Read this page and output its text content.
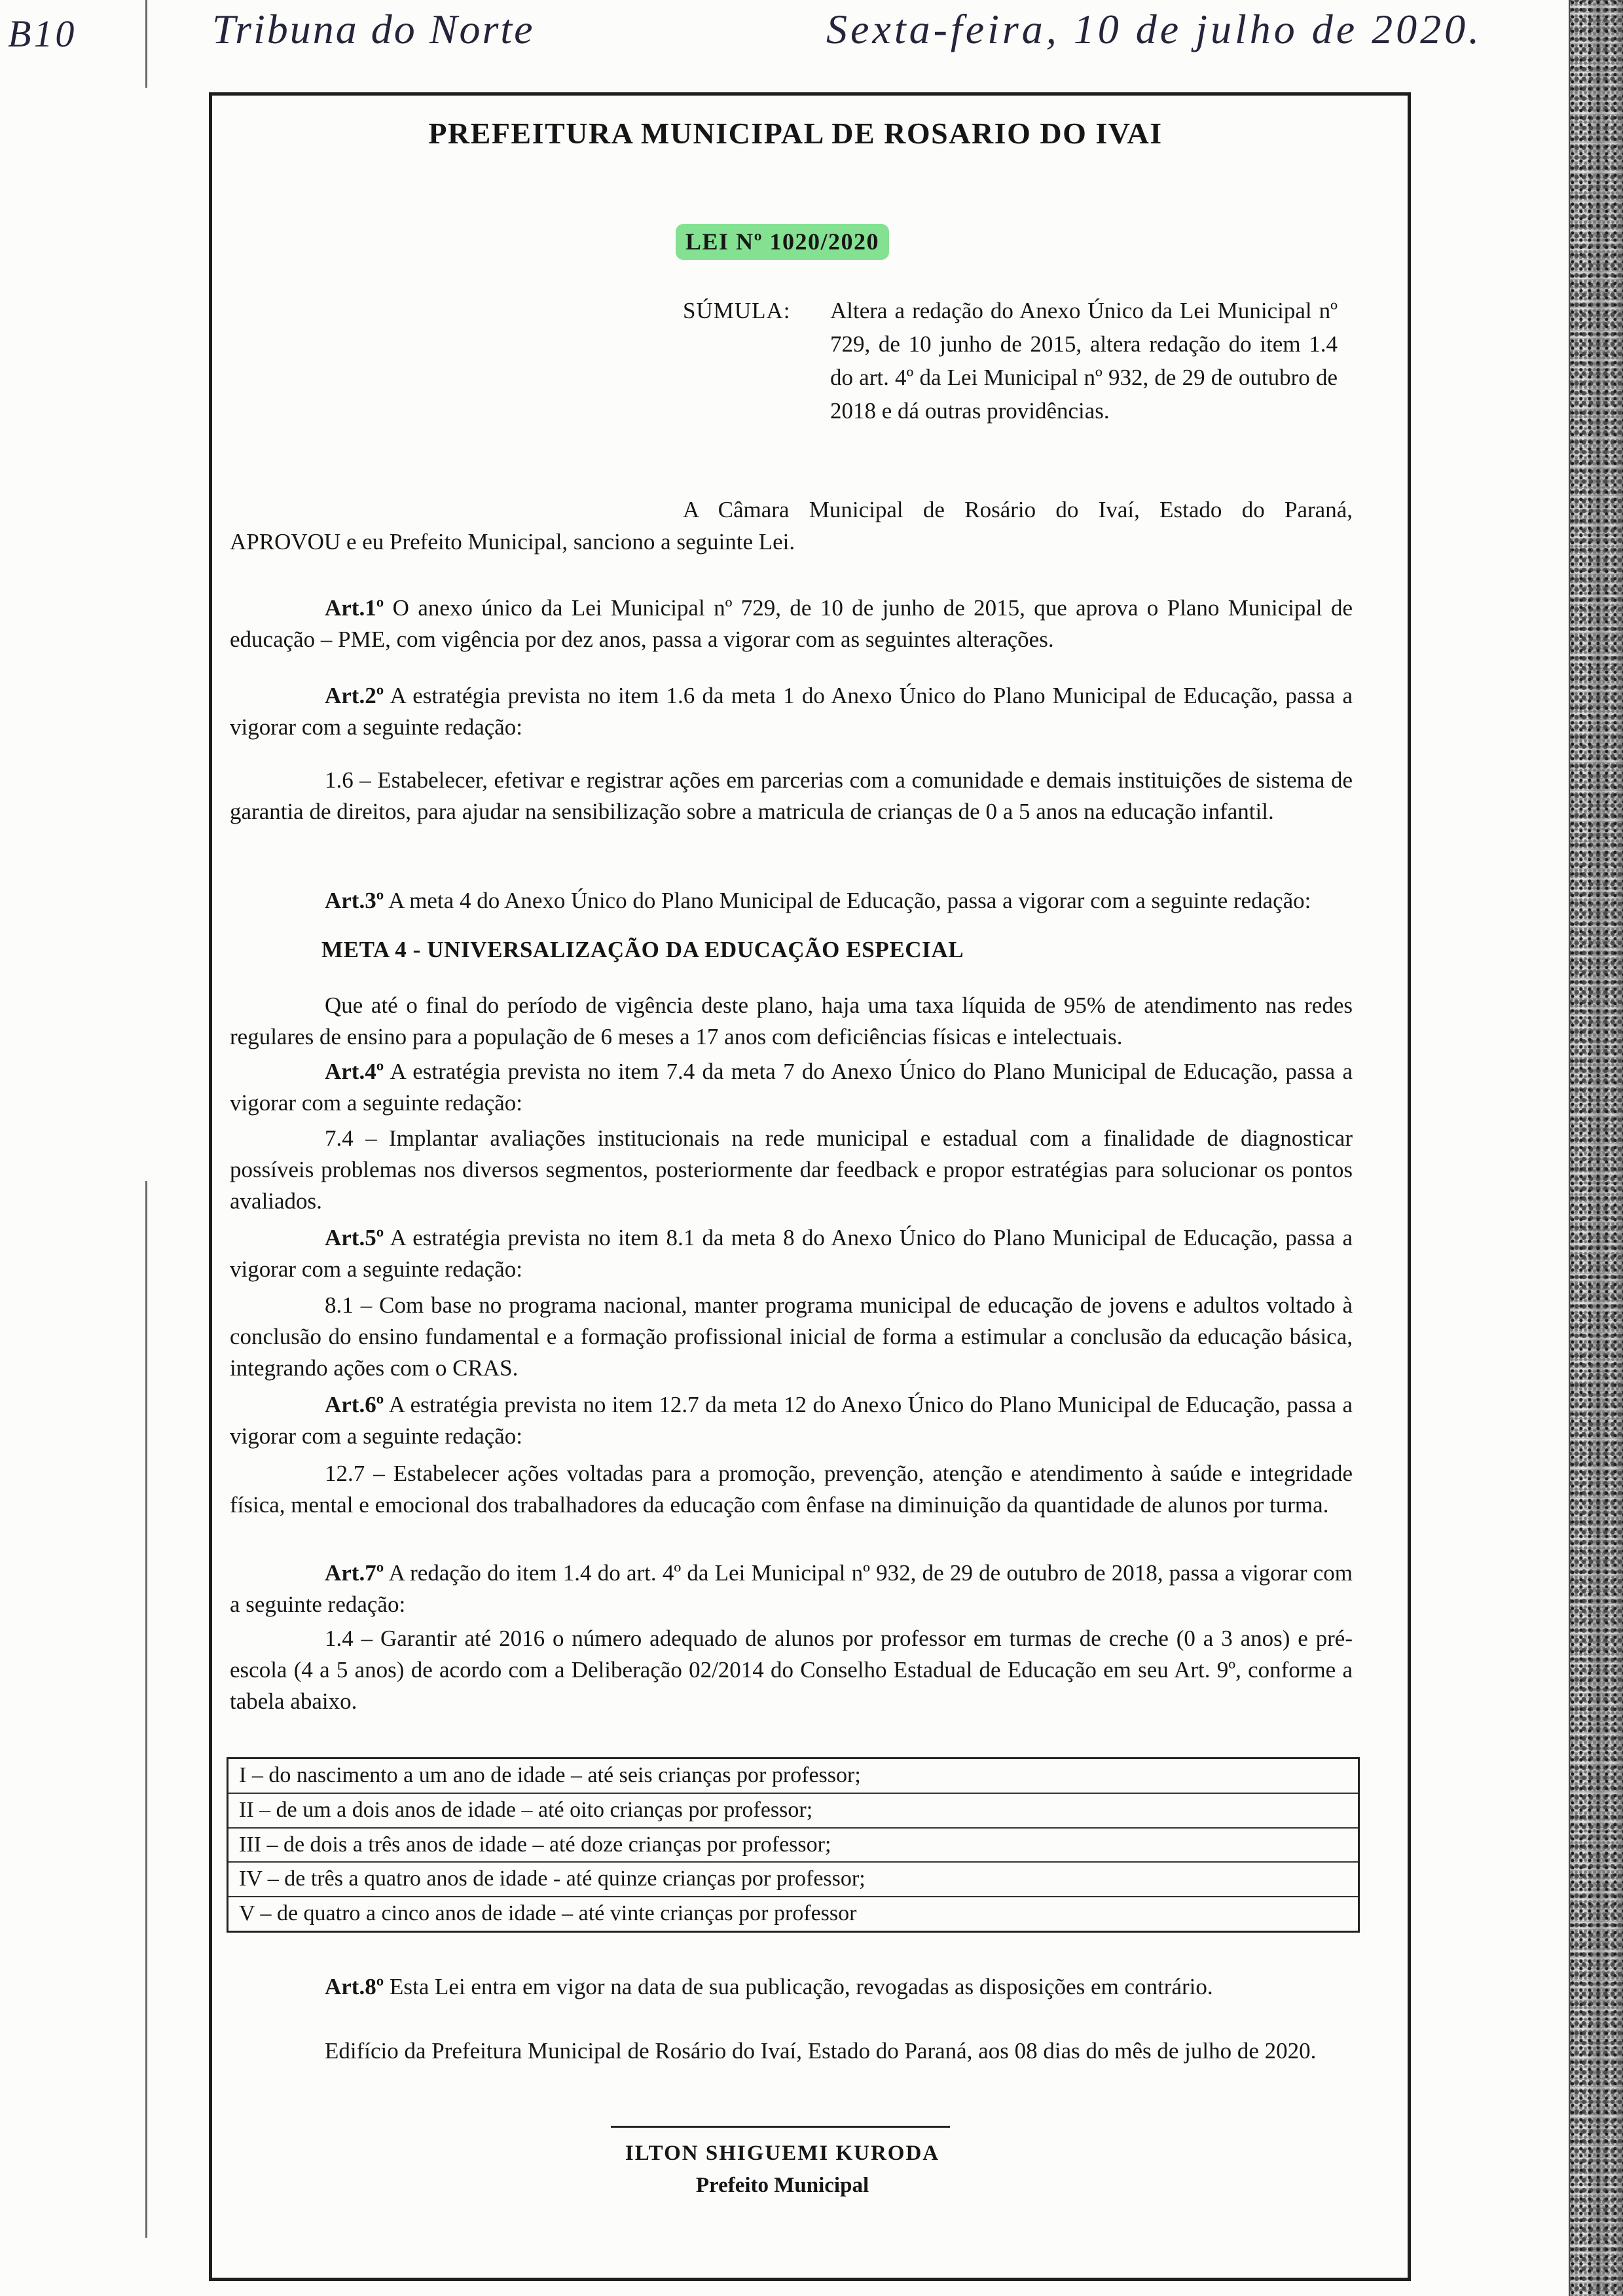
B10	Tribuna do Norte	Sexta-feira, 10 de julho de 2020.

PREFEITURA MUNICIPAL DE ROSARIO DO IVAI
LEI Nº 1020/2020

SÚMULA: Altera a redação do Anexo Único da Lei Municipal nº 729, de 10 junho de 2015, altera redação do item 1.4 do art. 4º da Lei Municipal nº 932, de 29 de outubro de 2018 e dá outras providências.

A Câmara Municipal de Rosário do Ivaí, Estado do Paraná,

APROVOU e eu Prefeito Municipal, sanciono a seguinte Lei.

Art.1º O anexo único da Lei Municipal nº 729, de 10 de junho de 2015, que aprova o Plano Municipal de educação – PME, com vigência por dez anos, passa a vigorar com as seguintes alterações.

Art.2º A estratégia prevista no item 1.6 da meta 1 do Anexo Único do Plano Municipal de Educação, passa a vigorar com a seguinte redação:

1.6 – Estabelecer, efetivar e registrar ações em parcerias com a comunidade e demais instituições de sistema de garantia de direitos, para ajudar na sensibilização sobre a matricula de crianças de 0 a 5 anos na educação infantil.

Art.3º A meta 4 do Anexo Único do Plano Municipal de Educação, passa a vigorar com a seguinte redação:

META 4 - UNIVERSALIZAÇÃO DA EDUCAÇÃO ESPECIAL

Que até o final do período de vigência deste plano, haja uma taxa líquida de 95% de atendimento nas redes regulares de ensino para a população de 6 meses a 17 anos com deficiências físicas e intelectuais.

Art.4º A estratégia prevista no item 7.4 da meta 7 do Anexo Único do Plano Municipal de Educação, passa a vigorar com a seguinte redação:

7.4 – Implantar avaliações institucionais na rede municipal e estadual com a finalidade de diagnosticar possíveis problemas nos diversos segmentos, posteriormente dar feedback e propor estratégias para solucionar os pontos avaliados.

Art.5º A estratégia prevista no item 8.1 da meta 8 do Anexo Único do Plano Municipal de Educação, passa a vigorar com a seguinte redação:

8.1 – Com base no programa nacional, manter programa municipal de educação de jovens e adultos voltado à conclusão do ensino fundamental e a formação profissional inicial de forma a estimular a conclusão da educação básica, integrando ações com o CRAS.

Art.6º A estratégia prevista no item 12.7 da meta 12 do Anexo Único do Plano Municipal de Educação, passa a vigorar com a seguinte redação:

12.7 – Estabelecer ações voltadas para a promoção, prevenção, atenção e atendimento à saúde e integridade física, mental e emocional dos trabalhadores da educação com ênfase na diminuição da quantidade de alunos por turma.

Art.7º A redação do item 1.4 do art. 4º da Lei Municipal nº 932, de 29 de outubro de 2018, passa a vigorar com a seguinte redação:

1.4 – Garantir até 2016 o número adequado de alunos por professor em turmas de creche (0 a 3 anos) e pré-escola (4 a 5 anos) de acordo com a Deliberação 02/2014 do Conselho Estadual de Educação em seu Art. 9º, conforme a tabela abaixo.

I – do nascimento a um ano de idade – até seis crianças por professor;
II – de um a dois anos de idade – até oito crianças por professor;
III – de dois a três anos de idade – até doze crianças por professor;
IV – de três a quatro anos de idade - até quinze crianças por professor;
V – de quatro a cinco anos de idade – até vinte crianças por professor

Art.8º Esta Lei entra em vigor na data de sua publicação, revogadas as disposições em contrário.

Edifício da Prefeitura Municipal de Rosário do Ivaí, Estado do Paraná, aos 08 dias do mês de julho de 2020.

ILTON SHIGUEMI KURODA

Prefeito Municipal
